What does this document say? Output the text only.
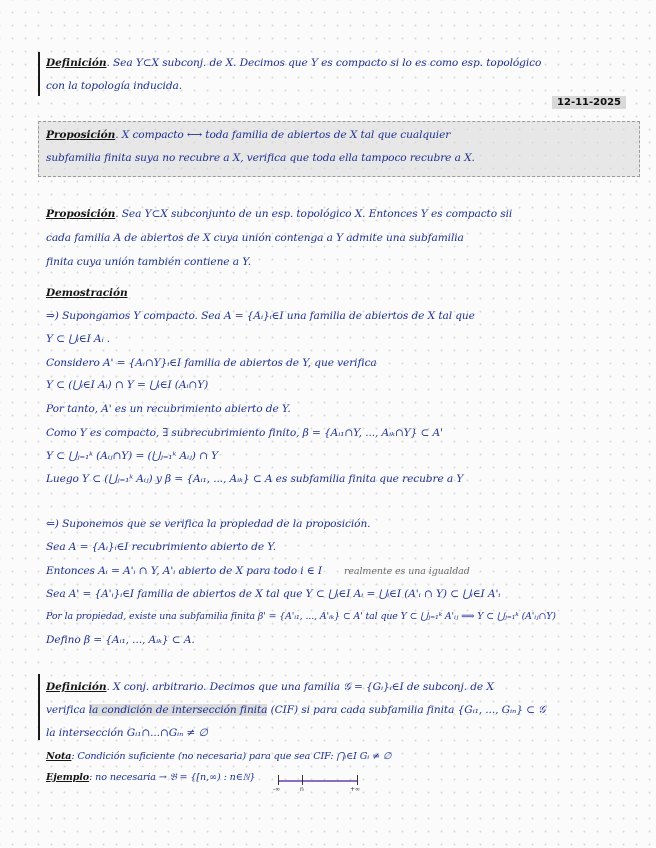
Definición. Sea Y⊂X subconj. de X. Decimos que Y es compacto si lo es como esp. topológico
con la topología inducida.
12-11-2025
Proposición. X compacto ⟷ toda familia de abiertos de X tal que cualquier
subfamilia finita suya no recubre a X, verifica que toda ella tampoco recubre a X.
Proposición. Sea Y⊂X subconjunto de un esp. topológico X. Entonces Y es compacto sii
cada familia A de abiertos de X cuya unión contenga a Y admite una subfamilia
finita cuya unión también contiene a Y.
Demostración
⇒) Supongamos Y compacto. Sea A = {Aᵢ}ᵢ∈I una familia de abiertos de X tal que
Y ⊂ ⋃ᵢ∈I Aᵢ .
Considero A' = {Aᵢ∩Y}ᵢ∈I familia de abiertos de Y, que verifica
Y ⊂ (⋃ᵢ∈I Aᵢ) ∩ Y = ⋃ᵢ∈I (Aᵢ∩Y)
Por tanto, A' es un recubrimiento abierto de Y.
Como Y es compacto, ∃ subrecubrimiento finito, β = {Aᵢ₁∩Y, ..., Aᵢₖ∩Y} ⊂ A'
Y ⊂ ⋃ⱼ₌₁ᵏ (Aᵢⱼ∩Y) = (⋃ⱼ₌₁ᵏ Aᵢⱼ) ∩ Y
Luego Y ⊂ (⋃ⱼ₌₁ᵏ Aᵢⱼ) y β = {Aᵢ₁, ..., Aᵢₖ} ⊂ A es subfamilia finita que recubre a Y
⇐) Suponemos que se verifica la propiedad de la proposición.
Sea A = {Aᵢ}ᵢ∈I recubrimiento abierto de Y.
Entonces Aᵢ = A'ᵢ ∩ Y, A'ᵢ abierto de X para todo i ∈ I realmente es una igualdad
Sea A' = {A'ᵢ}ᵢ∈I familia de abiertos de X tal que Y ⊂ ⋃ᵢ∈I Aᵢ = ⋃ᵢ∈I (A'ᵢ ∩ Y) ⊂ ⋃ᵢ∈I A'ᵢ
Por la propiedad, existe una subfamilia finita β' = {A'ᵢ₁, ..., A'ᵢₖ} ⊂ A' tal que Y ⊂ ⋃ⱼ₌₁ᵏ A'ᵢⱼ ⟹ Y ⊂ ⋃ⱼ₌₁ᵏ (A'ᵢⱼ∩Y)
Defino β = {Aᵢ₁, ..., Aᵢₖ} ⊂ A.
Definición. X conj. arbitrario. Decimos que una familia 𝒢 = {Gᵢ}ᵢ∈I de subconj. de X
verifica la condición de intersección finita (CIF) si para cada subfamilia finita {Gᵢ₁, ..., Gᵢₙ} ⊂ 𝒢
la intersección Gᵢ₁∩...∩Gᵢₙ ≠ ∅
Nota: Condición suficiente (no necesaria) para que sea CIF: ⋂ᵢ∈I Gᵢ ≠ ∅
Ejemplo: no necesaria → 𝔅 = {[n,∞) : n∈ℕ}
-∞	n	+∞
